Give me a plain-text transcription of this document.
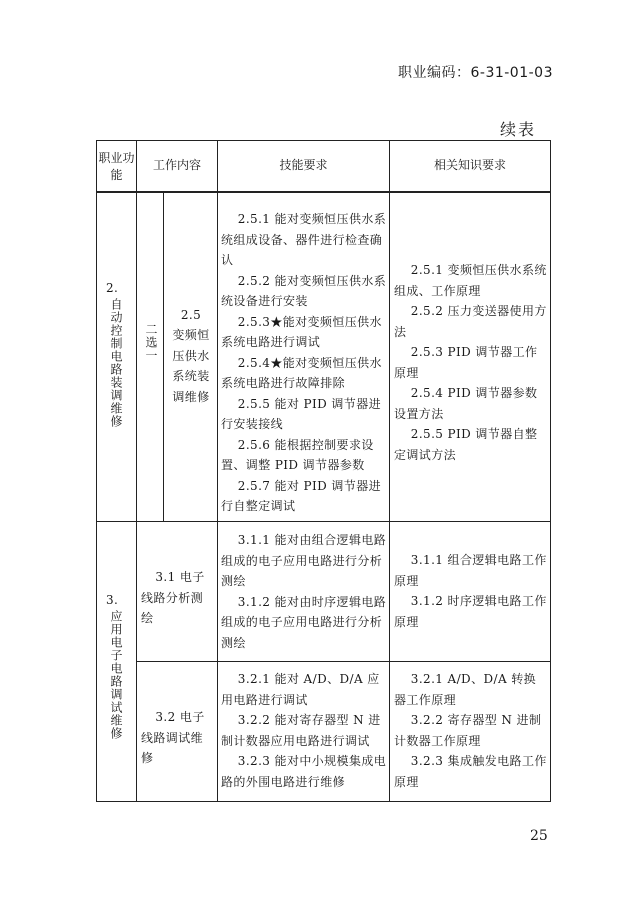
职业编码：6-31-01-03
续表
职业功能
工作内容	技能要求	相关知识要求
2.
自动控制电路装调维修 二选一
2.5
变频恒压供水系统装调维修

2.5.1 能对变频恒压供水系统组成设备、器件进行检查确认

2.5.2 能对变频恒压供水系统设备进行安装

2.5.3★能对变频恒压供水系统电路进行调试

2.5.4★能对变频恒压供水系统电路进行故障排除

2.5.5 能对 PID 调节器进行安装接线

2.5.6 能根据控制要求设置、调整 PID 调节器参数

2.5.7 能对 PID 调节器进行自整定调试

2.5.1 变频恒压供水系统组成、工作原理

2.5.2 压力变送器使用方法

2.5.3 PID 调节器工作原理

2.5.4 PID 调节器参数设置方法

2.5.5 PID 调节器自整定调试方法

3.
应用电子电路调试维修
3.1 电子线路分析测绘

3.1.1 能对由组合逻辑电路组成的电子应用电路进行分析测绘

3.1.2 能对由时序逻辑电路组成的电子应用电路进行分析测绘

3.1.1 组合逻辑电路工作原理

3.1.2 时序逻辑电路工作原理

3.2 电子线路调试维修

3.2.1 能对 A/D、D/A 应用电路进行调试

3.2.2 能对寄存器型 N 进制计数器应用电路进行调试

3.2.3 能对中小规模集成电路的外围电路进行维修

3.2.1 A/D、D/A 转换器工作原理

3.2.2 寄存器型 N 进制计数器工作原理

3.2.3 集成触发电路工作原理

25
